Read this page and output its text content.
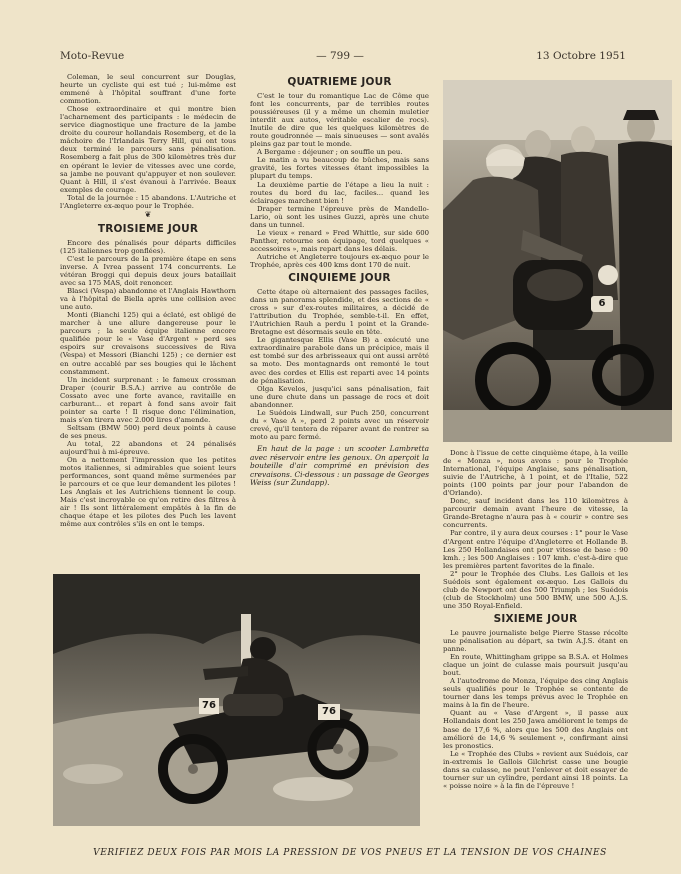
Moto-Revue	— 799 —	13 Octobre 1951

Coleman, le seul concurrent sur Douglas, heurte un cycliste qui est tué ; lui-même est emmené à l'hôpital souffrant d'une forte commotion.

Chose extraordinaire et qui montre bien l'acharnement des participants : le médecin de service diagnostique une fracture de la jambe droite du coureur hollandais Rosemberg, et de la mâchoire de l'Irlandais Terry Hill, qui ont tous deux terminé le parcours sans pénalisation. Rosemberg a fait plus de 300 kilomètres très dur en opérant le levier de vitesses avec une corde, sa jambe ne pouvant qu'appuyer et non soulever. Quant à Hill, il s'est évanoui à l'arrivée. Beaux exemples de courage.

Total de la journée : 15 abandons. L'Autriche et l'Angleterre ex-æquo pour le Trophée.

❦
TROISIEME JOUR

Encore des pénalisés pour départs difficiles (125 italiennes trop gonflées).

C'est le parcours de la première étape en sens inverse. A Ivrea passent 174 concurrents. Le vétéran Broggi qui depuis deux jours bataillait avec sa 175 MAS, doit renoncer.

Blasci (Vespa) abandonne et l'Anglais Hawthorn va à l'hôpital de Biella après une collision avec une auto.

Monti (Bianchi 125) qui a éclaté, est obligé de marcher à une allure dangereuse pour le parcours ; la seule équipe italienne encore qualifiée pour le « Vase d'Argent » perd ses espoirs sur crevaisons successives de Riva (Vespa) et Messori (Bianchi 125) ; ce dernier est en outre accablé par ses bougies qui le lâchent constamment.

Un incident surprenant : le fameux crossman Draper (courir B.S.A.) arrive au contrôle de Cossato avec une forte avance, ravitaille en carburant... et repart à fond sans avoir fait pointer sa carte ! Il risque donc l'élimination, mais s'en tirera avec 2.000 lires d'amende.

Seltsam (BMW 500) perd deux points à cause de ses pneus.

Au total, 22 abandons et 24 pénalisés aujourd'hui à mi-épreuve.

On a nettement l'impression que les petites motos italiennes, si admirables que soient leurs performances, sont quand même surmenées par le parcours et ce que leur demandent les pilotes ! Les Anglais et les Autrichiens tiennent le coup. Mais c'est incroyable ce qu'on retire des filtres à air ! Ils sont littéralement empâtés à la fin de chaque étape et les pilotes des Puch les lavent même aux contrôles s'ils en ont le temps.

QUATRIEME JOUR

C'est le tour du romantique Lac de Côme que font les concurrents, par de terribles routes poussiéreuses (il y a même un chemin muletier interdit aux autos, véritable escalier de rocs). Inutile de dire que les quelques kilomètres de route goudronnée — mais sinueuses — sont avalés pleins gaz par tout le monde.

A Bergame : déjeuner ; on souffle un peu.

Le matin a vu beaucoup de bûches, mais sans gravité, les fortes vitesses étant impossibles la plupart du temps.

La deuxième partie de l'étape a lieu la nuit : routes du bord du lac, faciles... quand les éclairages marchent bien !

Draper termine l'épreuve près de Mandello-Lario, où sont les usines Guzzi, après une chute dans un tunnel.

Le vieux « renard » Fred Whittle, sur side 600 Panther, retourne son équipage, tord quelques « accessoires », mais repart dans les délais.

Autriche et Angleterre toujours ex-æquo pour le Trophée, après ces 400 kms dont 170 de nuit.

CINQUIEME JOUR

Cette étape où alternaient des passages faciles, dans un panorama splendide, et des sections de « cross » sur d'ex-routes militaires, a décidé de l'attribution du Trophée, semble-t-il. En effet, l'Autrichien Rauh a perdu 1 point et la Grande-Bretagne est désormais seule en tête.

Le gigantesque Ellis (Vase B) a exécuté une extraordinaire parabole dans un précipice, mais il est tombé sur des arbrisseaux qui ont aussi arrêté sa moto. Des montagnards ont remonté le tout avec des cordes et Ellis est reparti avec 14 points de pénalisation.

Olga Kevelos, jusqu'ici sans pénalisation, fait une dure chute dans un passage de rocs et doit abandonner.

Le Suédois Lindwall, sur Puch 250, concurrent du « Vase A », perd 2 points avec un réservoir crevé, qu'il tentera de réparer avant de rentrer sa moto au parc fermé.

En haut de la page : un scooter Lambretta avec réservoir entre les genoux. On aperçoit la bouteille d'air comprimé en prévision des crevaisons. Ci-dessous : un passage de Georges Weiss (sur Zundapp).

Donc à l'issue de cette cinquième étape, à la veille de « Monza », nous avons : pour le Trophée International, l'équipe Anglaise, sans pénalisation, suivie de l'Autriche, à 1 point, et de l'Italie, 522 points (100 points par jour pour l'abandon de d'Orlando).

Donc, sauf incident dans les 110 kilomètres à parcourir demain avant l'heure de vitesse, la Grande-Bretagne n'aura pas à « courir » contre ses concurrents.

Par contre, il y aura deux courses : 1° pour le Vase d'Argent entre l'équipe d'Angleterre et Hollande B. Les 250 Hollandaises ont pour vitesse de base : 90 kmh. ; les 500 Anglaises : 107 kmh. c'est-à-dire que les premières partent favorites de la finale.

2° pour le Trophée des Clubs. Les Gallois et les Suédois sont également ex-æquo. Les Gallois du club de Newport ont des 500 Triumph ; les Suédois (club de Stockholm) une 500 BMW, une 500 A.J.S. une 350 Royal-Enfield.

SIXIEME JOUR

Le pauvre journaliste belge Pierre Stasse récolte une pénalisation au départ, sa twin A.J.S. étant en panne.

En route, Whittingham grippe sa B.S.A. et Holmes claque un joint de culasse mais poursuit jusqu'au bout.

A l'autodrome de Monza, l'équipe des cinq Anglais seuls qualifiés pour le Trophée se contente de tourner dans les temps prévus avec le Trophée en mains à la fin de l'heure.

Quant au « Vase d'Argent », il passe aux Hollandais dont les 250 Jawa améliorent le temps de base de 17,6 %, alors que les 500 des Anglais ont amélioré de 14,6 % seulement », confirmant ainsi les pronostics.

Le « Trophée des Clubs » revient aux Suédois, car in-extremis le Gallois Gilchrist casse une bougie dans sa culasse, ne peut l'enlever et doit essayer de tourner sur un cylindre, perdant ainsi 18 points. La « poisse noire » à la fin de l'épreuve !

6
76
76
VERIFIEZ DEUX FOIS PAR MOIS LA PRESSION DE VOS PNEUS ET LA TENSION DE VOS CHAINES
